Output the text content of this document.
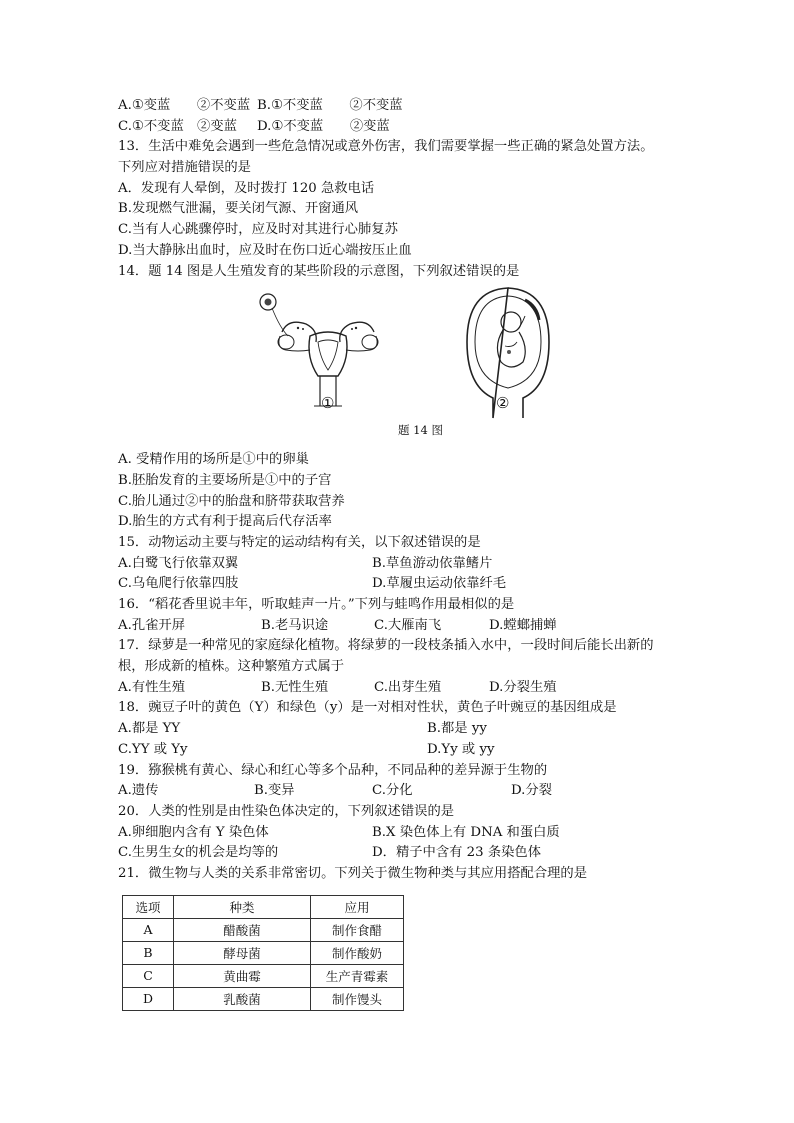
A.①变蓝　　②不变蓝 B.①不变蓝　　②不变蓝
C.①不变蓝　②变蓝	D.①不变蓝　　②变蓝
13．生活中难免会遇到一些危急情况或意外伤害，我们需要掌握一些正确的紧急处置方法。
下列应对措施错误的是
A．发现有人晕倒，及时拨打 120 急救电话
B.发现燃气泄漏，要关闭气源、开窗通风
C.当有人心跳骤停时，应及时对其进行心肺复苏
D.当大静脉出血时，应及时在伤口近心端按压止血
14．题 14 图是人生殖发育的某些阶段的示意图，下列叙述错误的是
①	②
题 14 图
A. 受精作用的场所是①中的卵巢
B.胚胎发育的主要场所是①中的子宫
C.胎儿通过②中的胎盘和脐带获取营养
D.胎生的方式有利于提高后代存活率
15．动物运动主要与特定的运动结构有关，以下叙述错误的是
A.白鹭飞行依靠双翼	B.草鱼游动依靠鳍片
C.乌龟爬行依靠四肢	D.草履虫运动依靠纤毛
16．“稻花香里说丰年，听取蛙声一片。”下列与蛙鸣作用最相似的是
A.孔雀开屏	B.老马识途	C.大雁南飞	D.螳螂捕蝉
17．绿萝是一种常见的家庭绿化植物。将绿萝的一段枝条插入水中，一段时间后能长出新的
根，形成新的植株。这种繁殖方式属于
A.有性生殖	B.无性生殖	C.出芽生殖	D.分裂生殖
18．豌豆子叶的黄色（Y）和绿色（y）是一对相对性状，黄色子叶豌豆的基因组成是
A.都是 YY	B.都是 yy
C.YY 或 Yy	D.Yy 或 yy
19．猕猴桃有黄心、绿心和红心等多个品种，不同品种的差异源于生物的
A.遗传	B.变异	C.分化	D.分裂
20．人类的性别是由性染色体决定的，下列叙述错误的是
A.卵细胞内含有 Y 染色体	B.X 染色体上有 DNA 和蛋白质
C.生男生女的机会是均等的	D．精子中含有 23 条染色体
21．微生物与人类的关系非常密切。下列关于微生物种类与其应用搭配合理的是
选项	种类	应用
A	醋酸菌	制作食醋
B	酵母菌	制作酸奶
C	黄曲霉	生产青霉素
D	乳酸菌	制作馒头
